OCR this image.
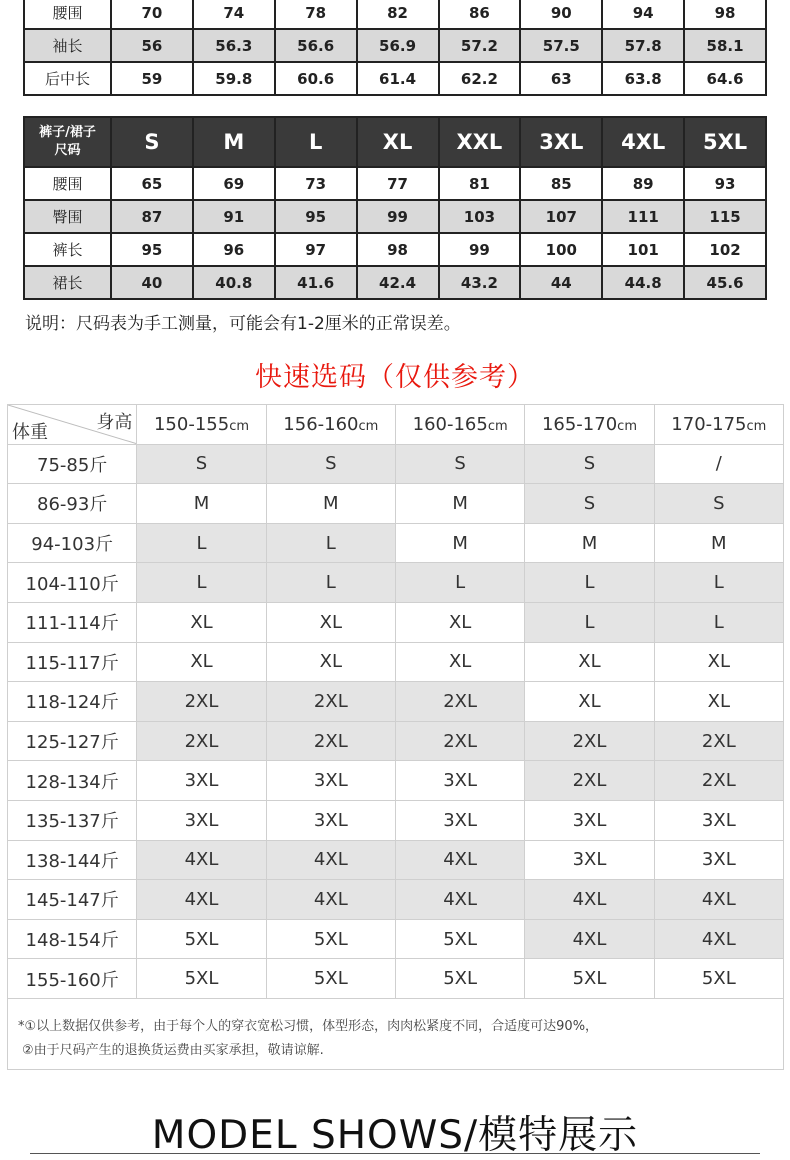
腰围	70	74	78	82	86	90	94	98
袖长	56	56.3	56.6	56.9	57.2	57.5	57.8	58.1
后中长	59	59.8	60.6	61.4	62.2	63	63.8	64.6
裤子/裙子
尺码	S	M	L	XL	XXL	3XL	4XL	5XL
腰围	65	69	73	77	81	85	89	93
臀围	87	91	95	99	103	107	111	115
裤长	95	96	97	98	99	100	101	102
裙长	40	40.8	41.6	42.4	43.2	44	44.8	45.6
说明：尺码表为手工测量，可能会有1-2厘米的正常误差。
快速选码（仅供参考）
身高
体重	150-155cm	156-160cm	160-165cm	165-170cm	170-175cm
75-85斤	S	S	S	S	/
86-93斤	M	M	M	S	S
94-103斤	L	L	M	M	M
104-110斤	L	L	L	L	L
111-114斤	XL	XL	XL	L	L
115-117斤	XL	XL	XL	XL	XL
118-124斤	2XL	2XL	2XL	XL	XL
125-127斤	2XL	2XL	2XL	2XL	2XL
128-134斤	3XL	3XL	3XL	2XL	2XL
135-137斤	3XL	3XL	3XL	3XL	3XL
138-144斤	4XL	4XL	4XL	3XL	3XL
145-147斤	4XL	4XL	4XL	4XL	4XL
148-154斤	5XL	5XL	5XL	4XL	4XL
155-160斤	5XL	5XL	5XL	5XL	5XL

*①以上数据仅供参考，由于每个人的穿衣宽松习惯，体型形态，肉肉松紧度不同，合适度可达90%，

②由于尺码产生的退换货运费由买家承担，敬请谅解.

MODEL SHOWS/模特展示
